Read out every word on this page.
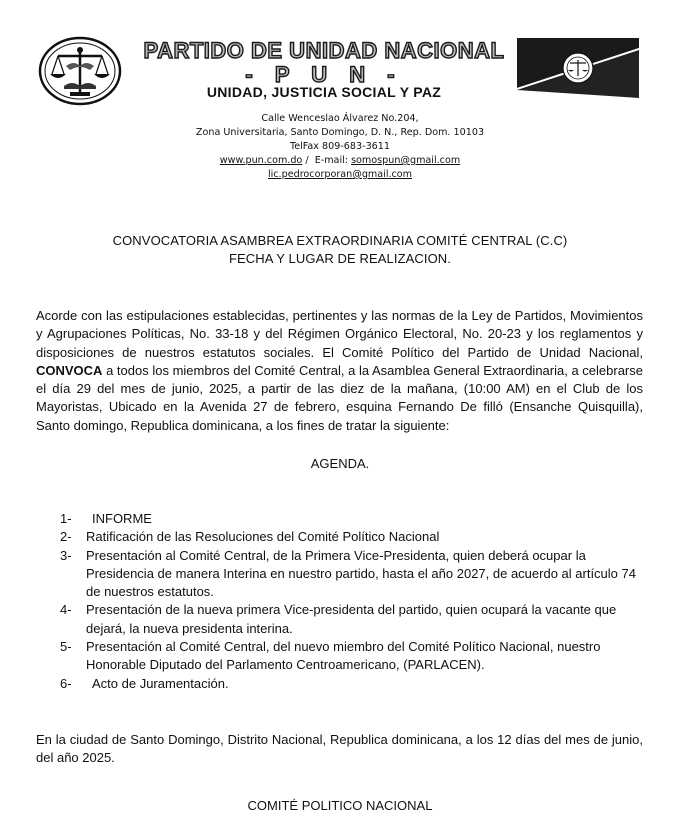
PARTIDO DE UNIDAD NACIONAL
- P U N -
UNIDAD, JUSTICIA SOCIAL Y PAZ
Calle Wenceslao Álvarez No.204,
Zona Universitaria, Santo Domingo, D. N., Rep. Dom. 10103
TelFax 809-683-3611
www.pun.com.do /  E-mail: somospun@gmail.com
lic.pedrocorporan@gmail.com
CONVOCATORIA ASAMBREA EXTRAORDINARIA COMITÉ CENTRAL (C.C)
FECHA Y LUGAR DE REALIZACION.
Acorde con las estipulaciones establecidas, pertinentes y las normas de la Ley de Partidos, Movimientos y Agrupaciones Políticas, No. 33-18 y del Régimen Orgánico Electoral, No. 20-23 y los reglamentos y disposiciones de nuestros estatutos sociales. El Comité Político del Partido de Unidad Nacional, CONVOCA a todos los miembros del Comité Central, a la Asamblea General Extraordinaria, a celebrarse el día 29 del mes de junio, 2025, a partir de las diez de la mañana, (10:00 AM) en el Club de los Mayoristas, Ubicado en la Avenida 27 de febrero, esquina Fernando De filló (Ensanche Quisquilla), Santo domingo, Republica dominicana, a los fines de tratar la siguiente:
AGENDA.
1- INFORME
2- Ratificación de las Resoluciones del Comité Político Nacional
3- Presentación al Comité Central, de la Primera Vice-Presidenta, quien deberá ocupar la Presidencia de manera Interina en nuestro partido, hasta el año 2027, de acuerdo al artículo 74 de nuestros estatutos.
4- Presentación de la nueva primera Vice-presidenta del partido, quien ocupará la vacante que dejará, la nueva presidenta interina.
5- Presentación al Comité Central, del nuevo miembro del Comité Político Nacional, nuestro Honorable Diputado del Parlamento Centroamericano, (PARLACEN).
6- Acto de Juramentación.
En la ciudad de Santo Domingo, Distrito Nacional, Republica dominicana, a los 12 días del mes de junio, del año 2025.
COMITÉ POLITICO NACIONAL
